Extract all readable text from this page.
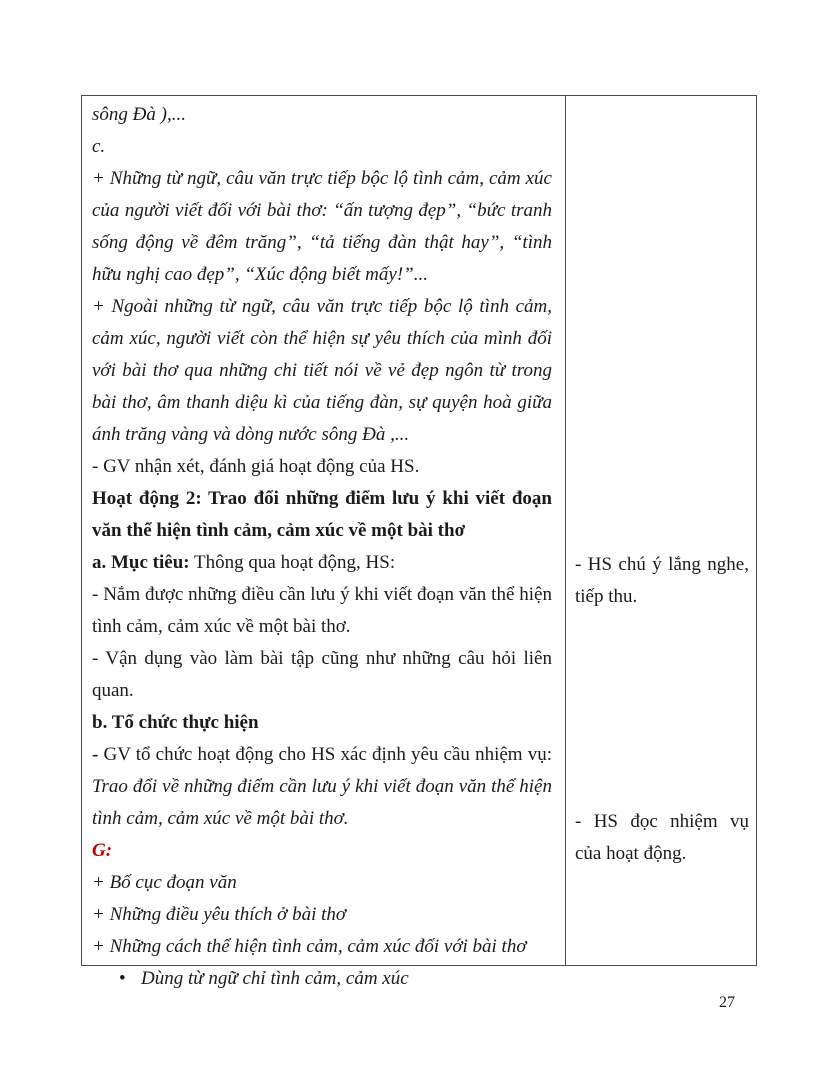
sông Đà ),...

c.

+ Những từ ngữ, câu văn trực tiếp bộc lộ tình cảm, cảm xúc của người viết đối với bài thơ: “ấn tượng đẹp”, “bức tranh sống động về đêm trăng”, “tả tiếng đàn thật hay”, “tình hữu nghị cao đẹp”, “Xúc động biết mấy!”...

+ Ngoài những từ ngữ, câu văn trực tiếp bộc lộ tình cảm, cảm xúc, người viết còn thể hiện sự yêu thích của mình đối với bài thơ qua những chi tiết nói về vẻ đẹp ngôn từ trong bài thơ, âm thanh diệu kì của tiếng đàn, sự quyện hoà giữa ánh trăng vàng và dòng nước sông Đà ,...

- GV nhận xét, đánh giá hoạt động của HS.

Hoạt động 2: Trao đổi những điểm lưu ý khi viết đoạn văn thể hiện tình cảm, cảm xúc về một bài thơ

a. Mục tiêu: Thông qua hoạt động, HS:

- Nắm được những điều cần lưu ý khi viết đoạn văn thể hiện tình cảm, cảm xúc về một bài thơ.

- Vận dụng vào làm bài tập cũng như những câu hỏi liên quan.

b. Tổ chức thực hiện

- GV tổ chức hoạt động cho HS xác định yêu cầu nhiệm vụ: Trao đổi về những điểm cần lưu ý khi viết đoạn văn thể hiện tình cảm, cảm xúc về một bài thơ.

G:

+ Bố cục đoạn văn

+ Những điều yêu thích ở bài thơ

+ Những cách thể hiện tình cảm, cảm xúc đối với bài thơ

• Dùng từ ngữ chỉ tình cảm, cảm xúc

- HS chú ý lắng nghe, tiếp thu.

- HS đọc nhiệm vụ của hoạt động.

27
